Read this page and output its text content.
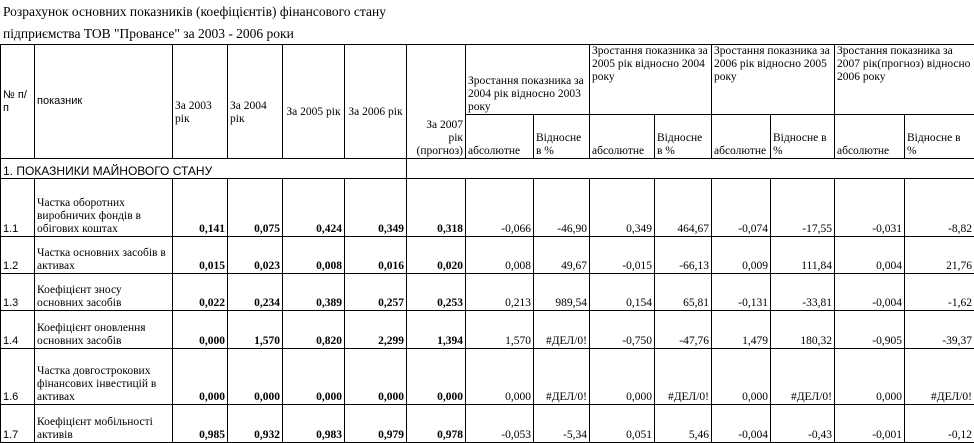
Розрахунок основних показників (коефіцієнтів) фінансового стану
підприємства ТОВ "Провансе" за 2003 - 2006 роки
№ п/п	показник	За 2003 рік	За 2004 рік	За 2005 рік	За 2006 рік	За 2007 рік (прогноз)	Зростання показника за 2004 рік відносно 2003 року		Зростання показника за 2005 рік відносно 2004 року		Зростання показника за 2006 рік відносно 2005 року		Зростання показника за 2007 рік(прогноз) відносно 2006 року	
							абсолютне	Відносне в %	абсолютне	Відносне в %	абсолютне	Відносне в %	абсолютне	Відносне в %
1. ПОКАЗНИКИ МАЙНОВОГО СТАНУ														
1.1	Частка оборотних виробничих фондів в обігових коштах	0,141	0,075	0,424	0,349	0,318	-0,066	-46,90	0,349	464,67	-0,074	-17,55	-0,031	-8,82
1.2	Частка основних засобів в активах	0,015	0,023	0,008	0,016	0,020	0,008	49,67	-0,015	-66,13	0,009	111,84	0,004	21,76
1.3	Коефіцієнт зносу основних засобів	0,022	0,234	0,389	0,257	0,253	0,213	989,54	0,154	65,81	-0,131	-33,81	-0,004	-1,62
1.4	Коефіцієнт оновлення основних засобів	0,000	1,570	0,820	2,299	1,394	1,570	#ДЕЛ/0!	-0,750	-47,76	1,479	180,32	-0,905	-39,37
1.6	Частка довгострокових фінансових інвестицій в активах	0,000	0,000	0,000	0,000	0,000	0,000	#ДЕЛ/0!	0,000	#ДЕЛ/0!	0,000	#ДЕЛ/0!	0,000	#ДЕЛ/0!
1.7	Коефіцієнт мобільності активів	0,985	0,932	0,983	0,979	0,978	-0,053	-5,34	0,051	5,46	-0,004	-0,43	-0,001	-0,12
